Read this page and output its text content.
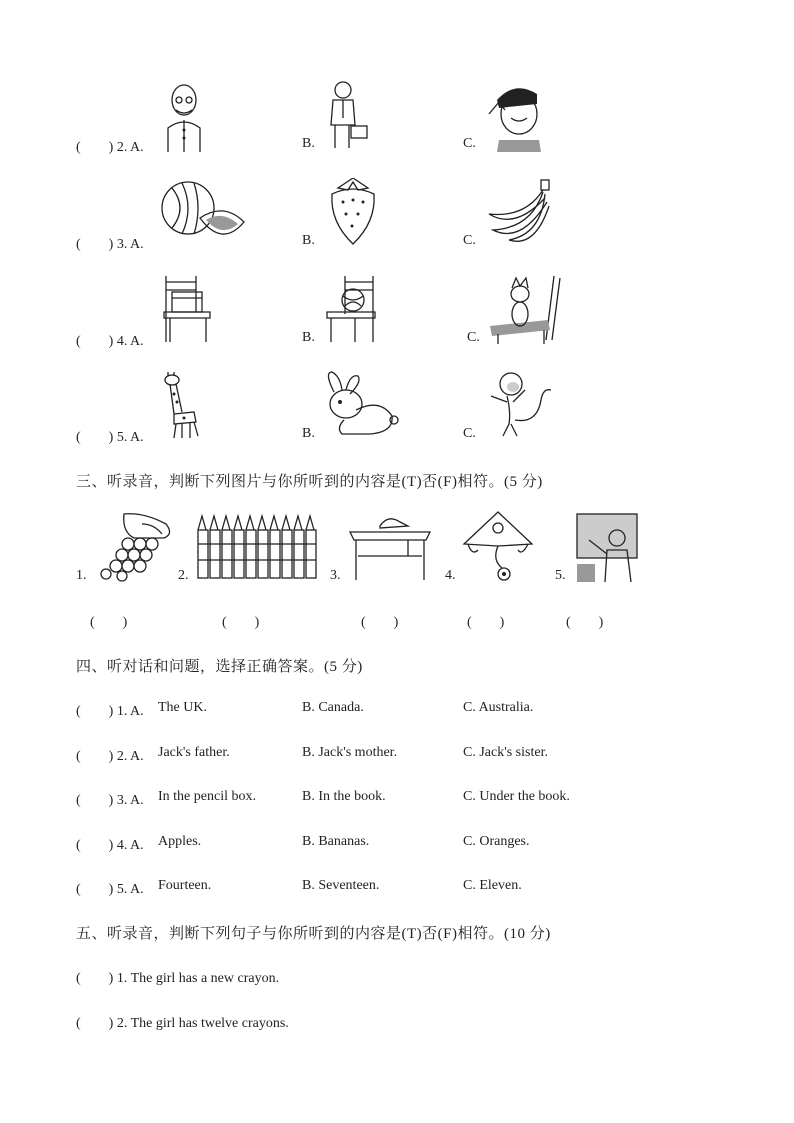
(　　) 2. A.	B.	C.
(　　) 3. A.	B.	C.
(　　) 4. A.	B.	C.
(　　) 5. A.	B.	C.
三、听录音，判断下列图片与你所听到的内容是(T)否(F)相符。(5 分)
1.	2.	3.	4.	5.
(　　)	(　　)	(　　)	(　　)	(　　)
四、听对话和问题，选择正确答案。(5 分)
(　　) 1. A. The UK.	B. Canada.	C. Australia.
(　　) 2. A. Jack's father.	B. Jack's mother.	C. Jack's sister.
(　　) 3. A. In the pencil box.	B. In the book.	C. Under the book.
(　　) 4. A. Apples.	B. Bananas.	C. Oranges.
(　　) 5. A. Fourteen.	B. Seventeen.	C. Eleven.
五、听录音，判断下列句子与你所听到的内容是(T)否(F)相符。(10 分)
(　　) 1. The girl has a new crayon.
(　　) 2. The girl has twelve crayons.
